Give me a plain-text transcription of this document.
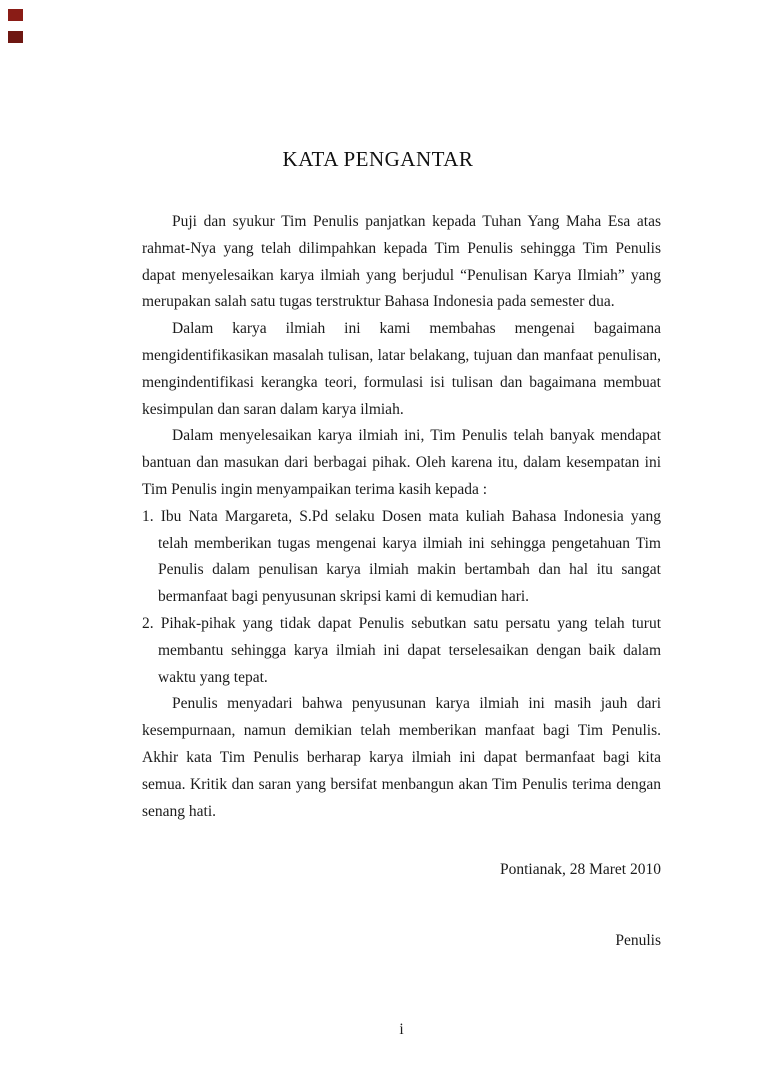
KATA PENGANTAR
Puji dan syukur Tim Penulis panjatkan kepada Tuhan Yang Maha Esa atas
rahmat-Nya yang telah dilimpahkan kepada Tim Penulis sehingga Tim Penulis
dapat menyelesaikan karya ilmiah yang berjudul “Penulisan Karya Ilmiah” yang
merupakan salah satu tugas terstruktur Bahasa Indonesia pada semester dua.
Dalam karya ilmiah ini kami membahas mengenai bagaimana
mengidentifikasikan masalah tulisan, latar belakang, tujuan dan manfaat penulisan,
mengindentifikasi kerangka teori, formulasi isi tulisan dan bagaimana membuat
kesimpulan dan saran dalam karya ilmiah.
Dalam menyelesaikan karya ilmiah ini, Tim Penulis telah banyak mendapat
bantuan dan masukan dari berbagai pihak. Oleh karena itu, dalam kesempatan ini
Tim Penulis ingin menyampaikan terima kasih kepada :
1. Ibu Nata Margareta, S.Pd selaku Dosen mata kuliah Bahasa Indonesia yang
telah memberikan tugas mengenai karya ilmiah ini sehingga pengetahuan Tim
Penulis dalam penulisan karya ilmiah makin bertambah dan hal itu sangat
bermanfaat bagi penyusunan skripsi kami di kemudian hari.
2. Pihak-pihak yang tidak dapat Penulis sebutkan satu persatu yang telah turut
membantu sehingga karya ilmiah ini dapat terselesaikan dengan baik dalam
waktu yang tepat.
Penulis menyadari bahwa penyusunan karya ilmiah ini masih jauh dari
kesempurnaan, namun demikian telah memberikan manfaat bagi Tim Penulis.
Akhir kata Tim Penulis berharap karya ilmiah ini dapat bermanfaat bagi kita
semua. Kritik dan saran yang bersifat menbangun akan Tim Penulis terima dengan
senang hati.
Pontianak, 28 Maret 2010
Penulis
i
